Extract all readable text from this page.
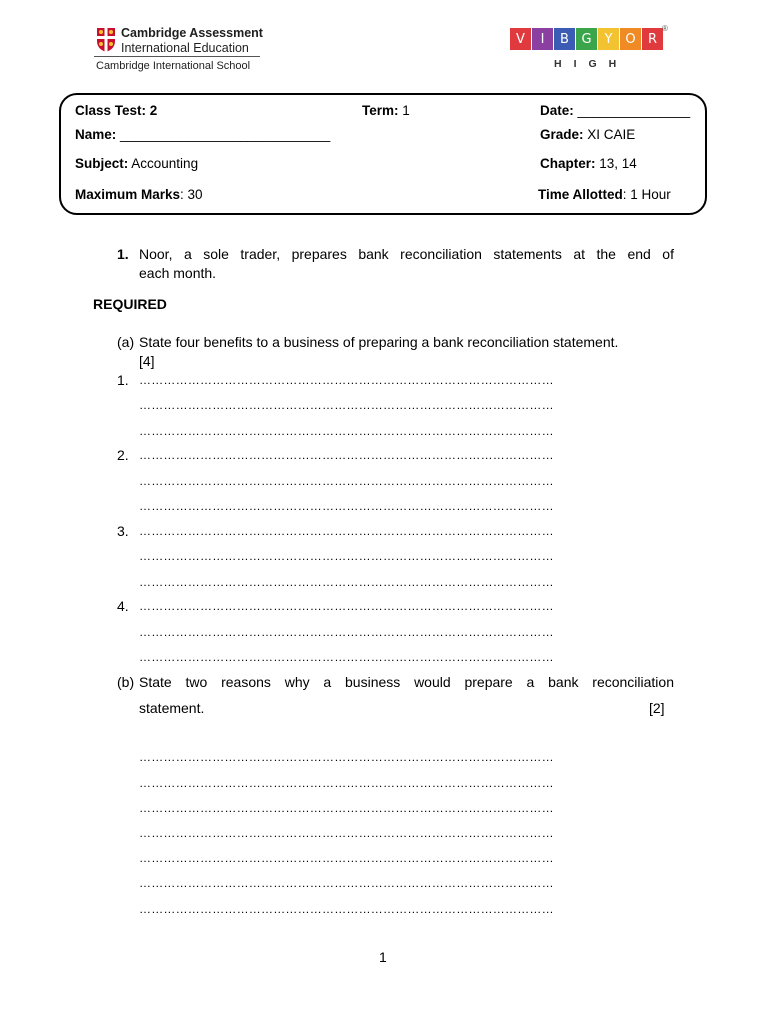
Cambridge Assessment
International Education
Cambridge International School
V	I	B G Y O R
®
HIGH
Class Test: 2	Term: 1	Date: _______________
Name: ____________________________	Grade: XI CAIE
Subject: Accounting	Chapter: 13, 14
Maximum Marks: 30	Time Allotted: 1 Hour
1. Noor, a sole trader, prepares bank reconciliation statements at the end of
each month.
REQUIRED
(a) State four benefits to a business of preparing a bank reconciliation statement.
[4]
1. …………………………………………………………………………………………
…………………………………………………………………………………………
…………………………………………………………………………………………
2. …………………………………………………………………………………………
…………………………………………………………………………………………
…………………………………………………………………………………………
3. …………………………………………………………………………………………
…………………………………………………………………………………………
…………………………………………………………………………………………
4. …………………………………………………………………………………………
…………………………………………………………………………………………
…………………………………………………………………………………………
(b) State two reasons why a business would prepare a bank reconciliation
statement.	[2]
…………………………………………………………………………………………
…………………………………………………………………………………………
…………………………………………………………………………………………
…………………………………………………………………………………………
…………………………………………………………………………………………
…………………………………………………………………………………………
…………………………………………………………………………………………
1
